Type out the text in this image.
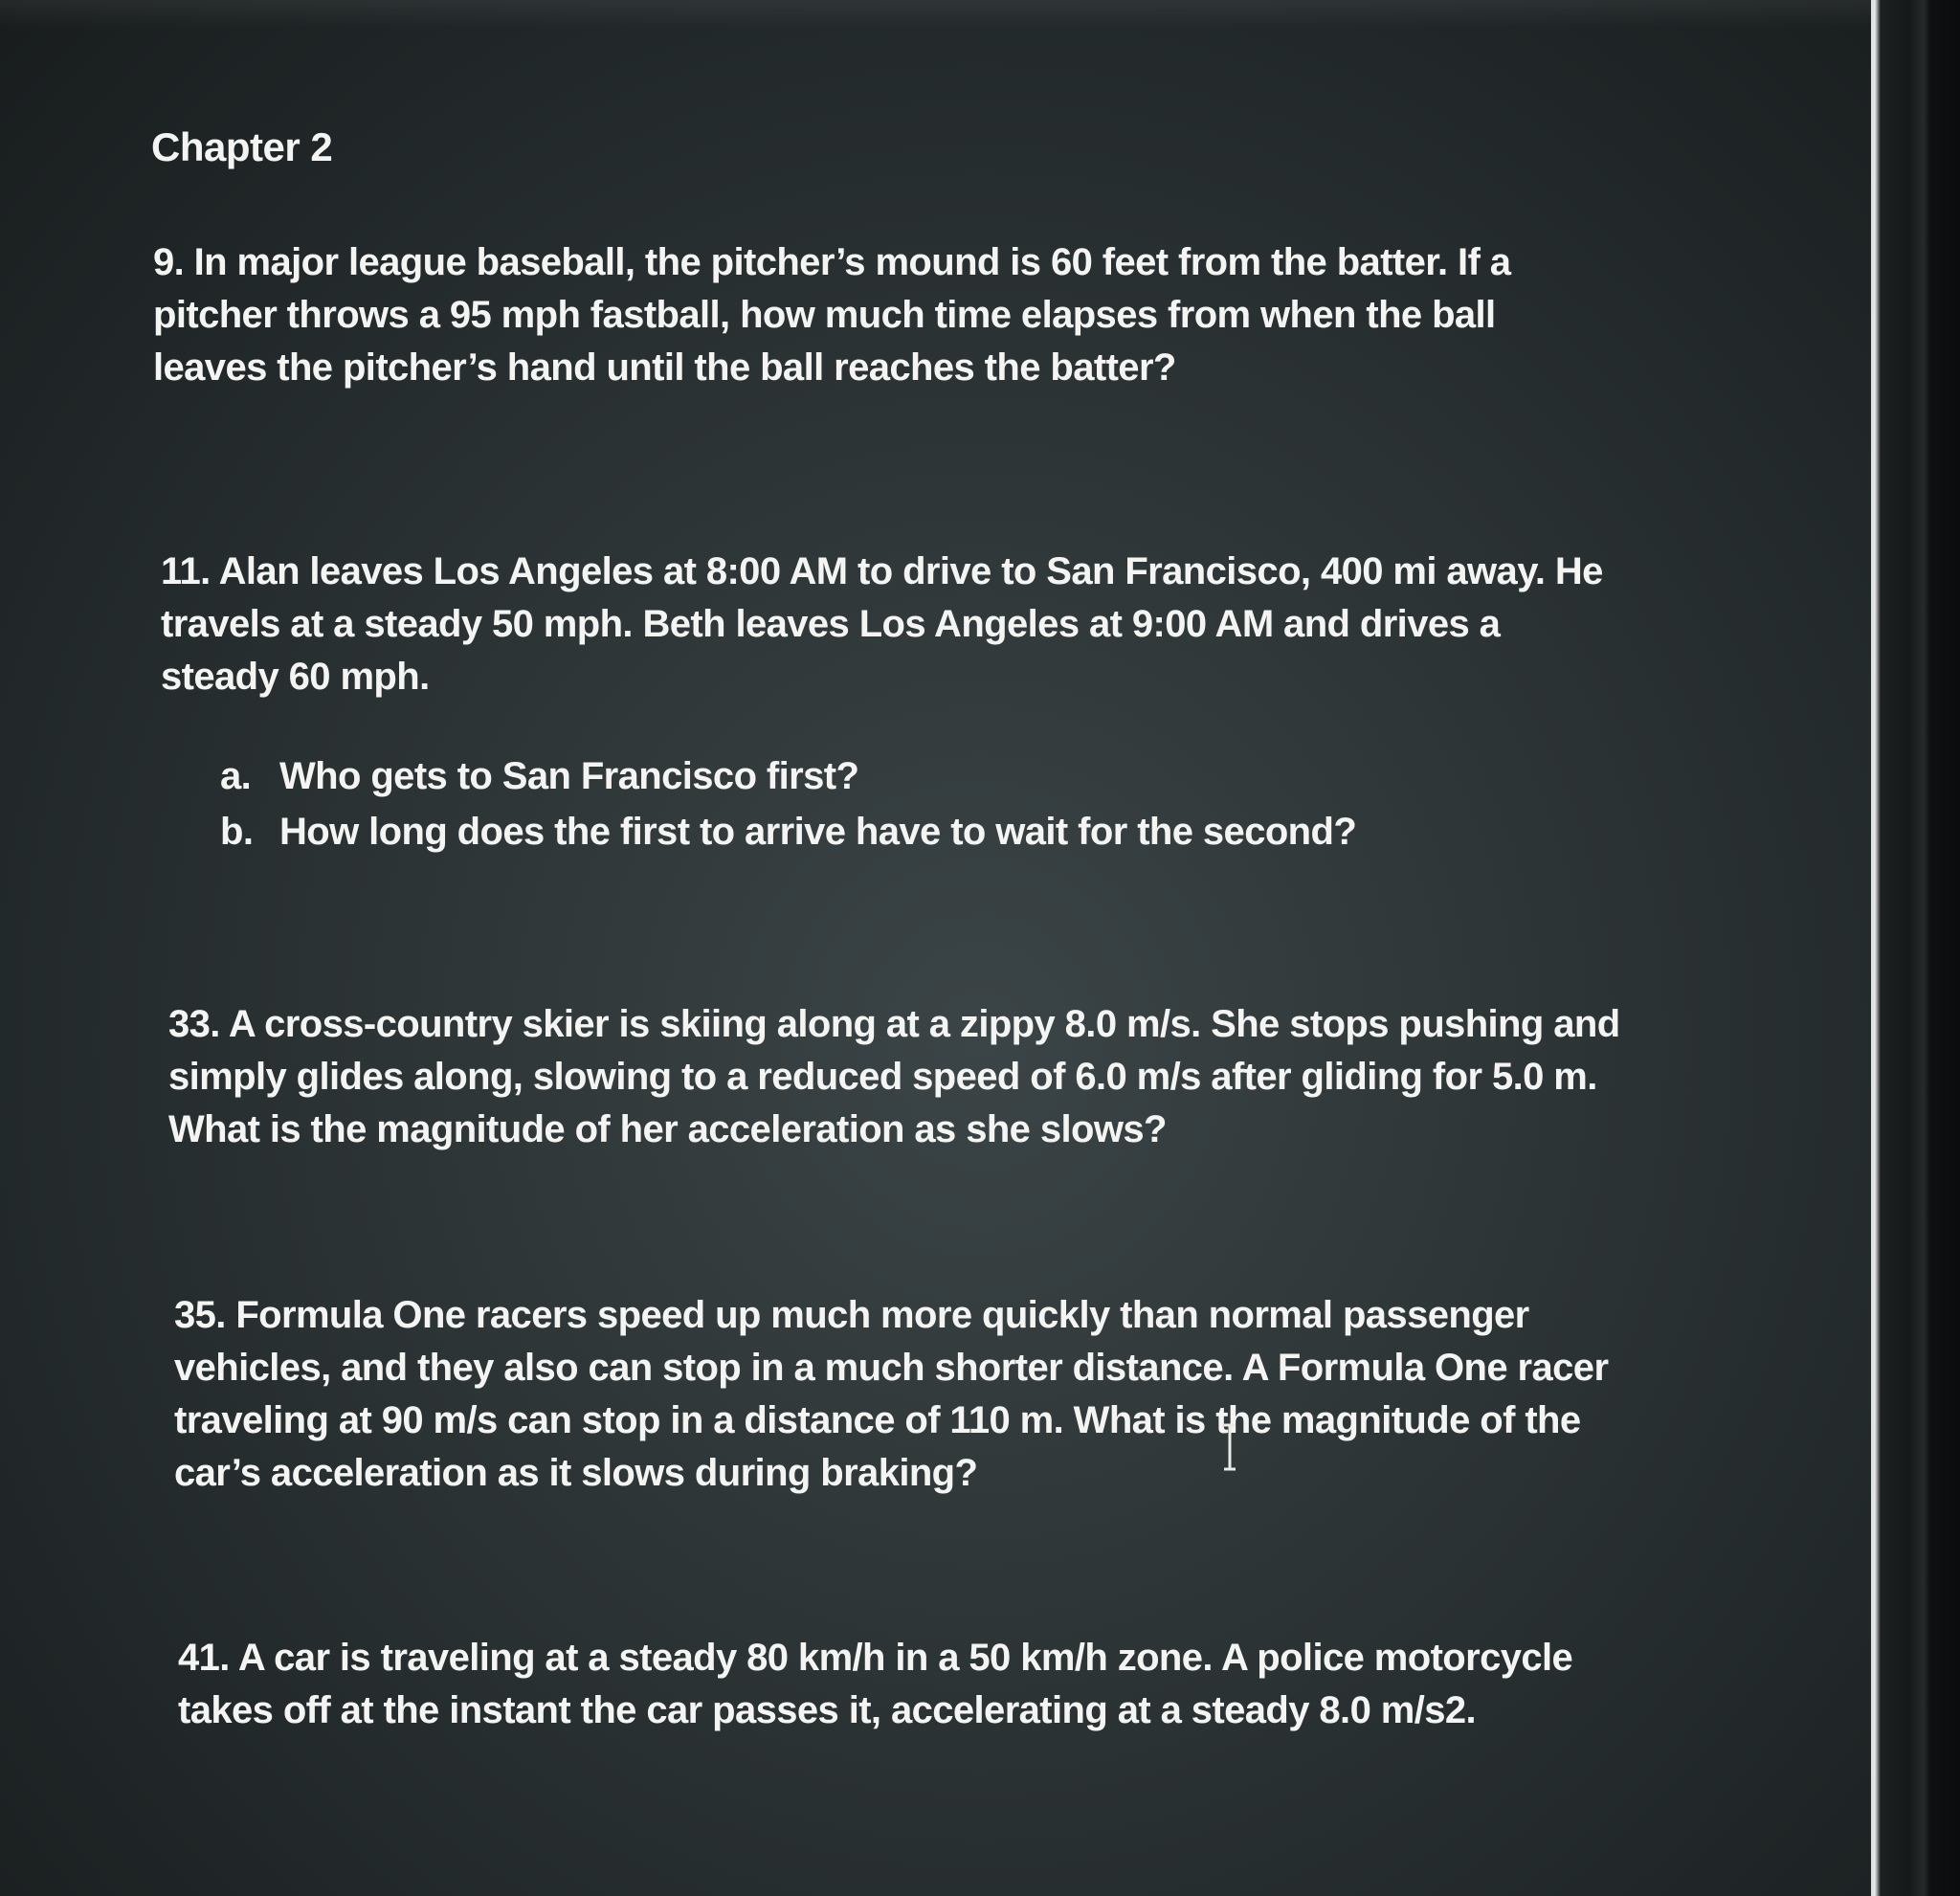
Chapter 2
9. In major league baseball, the pitcher’s mound is 60 feet from the batter. If a
pitcher throws a 95 mph fastball, how much time elapses from when the ball
leaves the pitcher’s hand until the ball reaches the batter?
11. Alan leaves Los Angeles at 8:00 AM to drive to San Francisco, 400 mi away. He
travels at a steady 50 mph. Beth leaves Los Angeles at 9:00 AM and drives a
steady 60 mph.
a. Who gets to San Francisco first?
b. How long does the first to arrive have to wait for the second?
33. A cross-country skier is skiing along at a zippy 8.0 m/s. She stops pushing and
simply glides along, slowing to a reduced speed of 6.0 m/s after gliding for 5.0 m.
What is the magnitude of her acceleration as she slows?
35. Formula One racers speed up much more quickly than normal passenger
vehicles, and they also can stop in a much shorter distance. A Formula One racer
traveling at 90 m/s can stop in a distance of 110 m. What is the magnitude of the
car’s acceleration as it slows during braking?
41. A car is traveling at a steady 80 km/h in a 50 km/h zone. A police motorcycle
takes off at the instant the car passes it, accelerating at a steady 8.0 m/s2.
